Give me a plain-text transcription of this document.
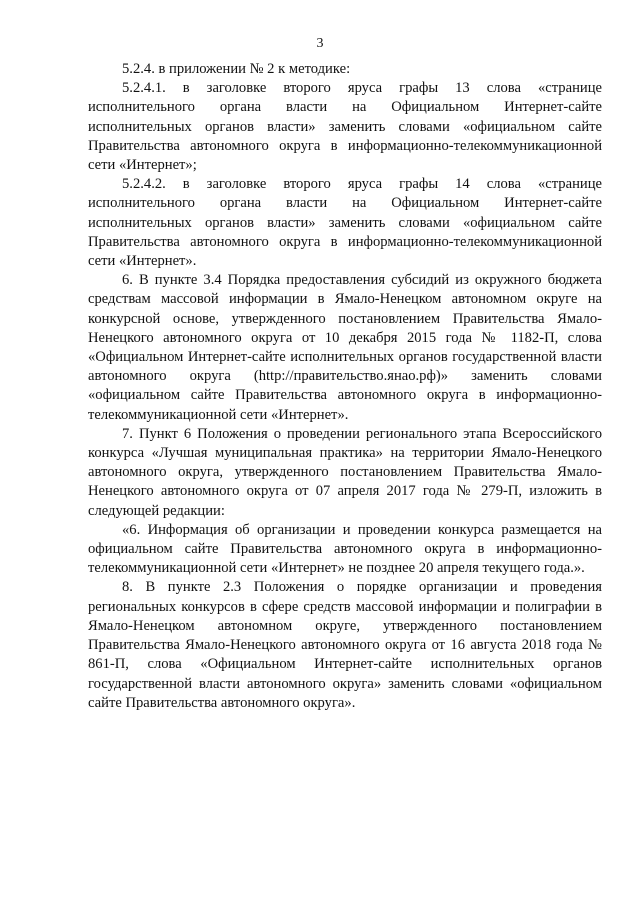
3

5.2.4. в приложении № 2 к методике:

5.2.4.1. в заголовке второго яруса графы 13 слова «странице исполнительного органа власти на Официальном Интернет-сайте исполнительных органов власти» заменить словами «официальном сайте Правительства автономного округа в информационно-телекоммуникационной сети «Интернет»;

5.2.4.2. в заголовке второго яруса графы 14 слова «странице исполнительного органа власти на Официальном Интернет-сайте исполнительных органов власти» заменить словами «официальном сайте Правительства автономного округа в информационно-телекоммуникационной сети «Интернет».

6. В пункте 3.4 Порядка предоставления субсидий из окружного бюджета средствам массовой информации в Ямало-Ненецком автономном округе на конкурсной основе, утвержденного постановлением Правительства Ямало-Ненецкого автономного округа от 10 декабря 2015 года № 1182-П, слова «Официальном Интернет-сайте исполнительных органов государственной власти автономного округа (http://правительство.янао.рф)» заменить словами «официальном сайте Правительства автономного округа в информационно-телекоммуникационной сети «Интернет».

7. Пункт 6 Положения о проведении регионального этапа Всероссийского конкурса «Лучшая муниципальная практика» на территории Ямало-Ненецкого автономного округа, утвержденного постановлением Правительства Ямало-Ненецкого автономного округа от 07 апреля 2017 года № 279-П, изложить в следующей редакции:

«6. Информация об организации и проведении конкурса размещается на официальном сайте Правительства автономного округа в информационно-телекоммуникационной сети «Интернет» не позднее 20 апреля текущего года.».

8. В пункте 2.3 Положения о порядке организации и проведения региональных конкурсов в сфере средств массовой информации и полиграфии в Ямало-Ненецком автономном округе, утвержденного постановлением Правительства Ямало-Ненецкого автономного округа от 16 августа 2018 года № 861-П, слова «Официальном Интернет-сайте исполнительных органов государственной власти автономного округа» заменить словами «официальном сайте Правительства автономного округа».
